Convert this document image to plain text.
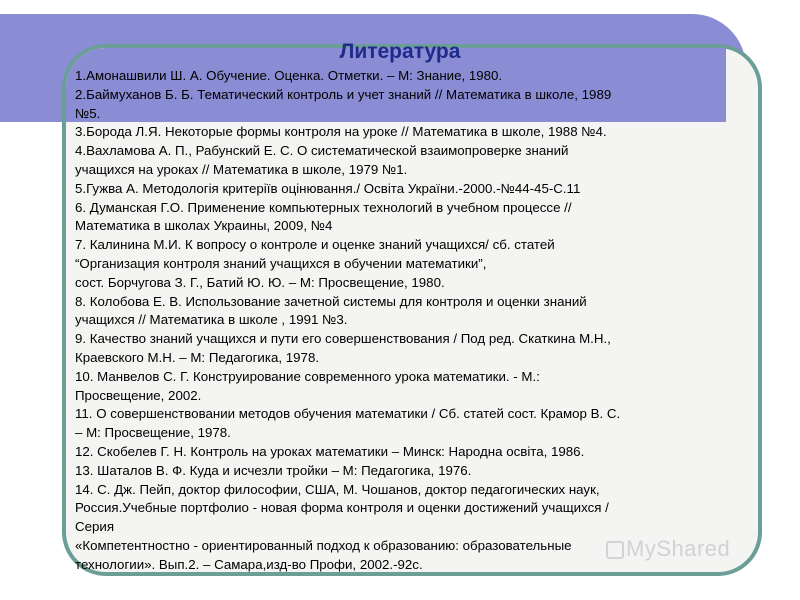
Литература
1.Амонашвили Ш. А. Обучение. Оценка. Отметки. – М: Знание, 1980.
2.Баймуханов Б. Б. Тематический контроль и учет знаний // Математика в школе, 1989
№5.
3.Борода Л.Я. Некоторые формы контроля на уроке // Математика в школе, 1988 №4.
4.Вахламова А. П., Рабунский Е. С. О систематической взаимопроверке знаний
учащихся на уроках // Математика в школе, 1979 №1.
5.Гужва А. Методологія критеріїв оцінювання./ Освіта України.-2000.-№44-45-С.11
6. Думанская Г.О. Применение компьютерных технологий в учебном процессе //
Математика в школах Украины, 2009, №4
7. Калинина М.И. К вопросу о контроле и оценке знаний учащихся/ сб. статей
“Организация контроля знаний учащихся в обучении математики”,
сост. Борчугова З. Г., Батий Ю. Ю. – М: Просвещение, 1980.
8. Колобова Е. В. Использование зачетной системы для контроля и оценки знаний
учащихся // Математика в школе , 1991 №3.
9. Качество знаний учащихся и пути его совершенствования / Под ред. Скаткина М.Н.,
Краевского М.Н. – М: Педагогика, 1978.
10. Манвелов С. Г. Конструирование современного урока математики. - М.:
Просвещение, 2002.
11. О совершенствовании методов обучения математики / Сб. статей сост. Крамор В. С.
– М: Просвещение, 1978.
12. Скобелев Г. Н. Контроль на уроках математики – Минск: Народна освіта, 1986.
13. Шаталов В. Ф. Куда и исчезли тройки – М: Педагогика, 1976.
14. С. Дж. Пейп, доктор философии, США, М. Чошанов, доктор педагогических наук,
Россия.Учебные портфолио - новая форма контроля и оценки достижений учащихся /
Серия
«Компетентностно - ориентированный подход к образованию: образовательные
технологии». Вып.2. – Самара,изд-во Профи, 2002.-92с.
MyShared
